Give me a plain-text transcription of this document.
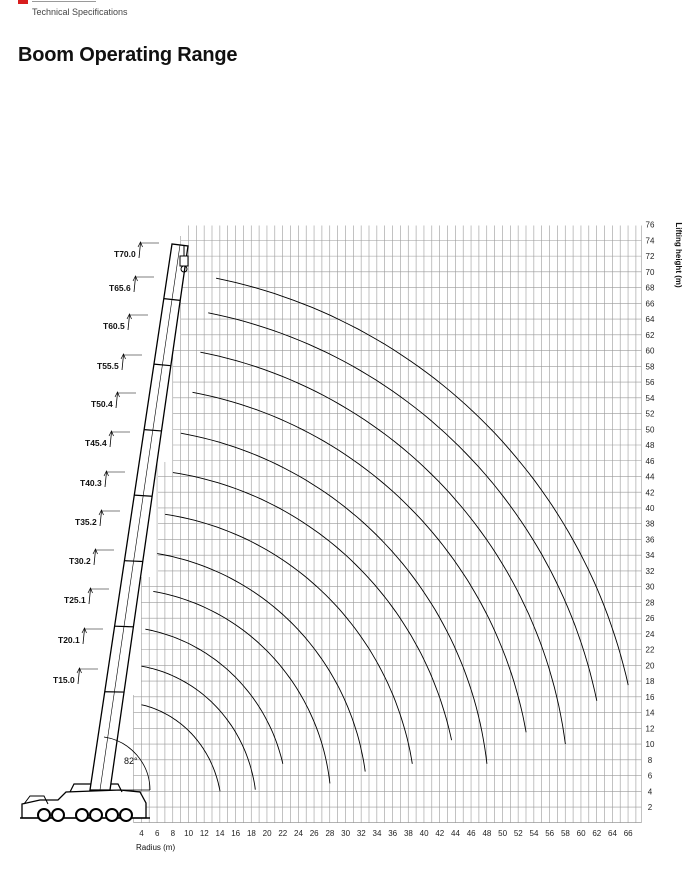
Technical Specifications
Boom Operating Range
82°
T15.0
T20.1
T25.1
T30.2
T35.2
T40.3
T45.4
T50.4
T55.5
T60.5
T65.6
T70.0
4 6 8 10 12 14 16 18 20 22 24 26 28 30 32 34 36 38 40 42 44 46 48 50 52 54 56 58 60 62 64 66
2
4
6
8
10
12
14
16
18
20
22
24
26
28
30
32
34
36
38
40
42
44
46
48
50
52
54
56
58
60
62
64
66
68
70
72
74
76
Radius (m)
Lifting height (m)
